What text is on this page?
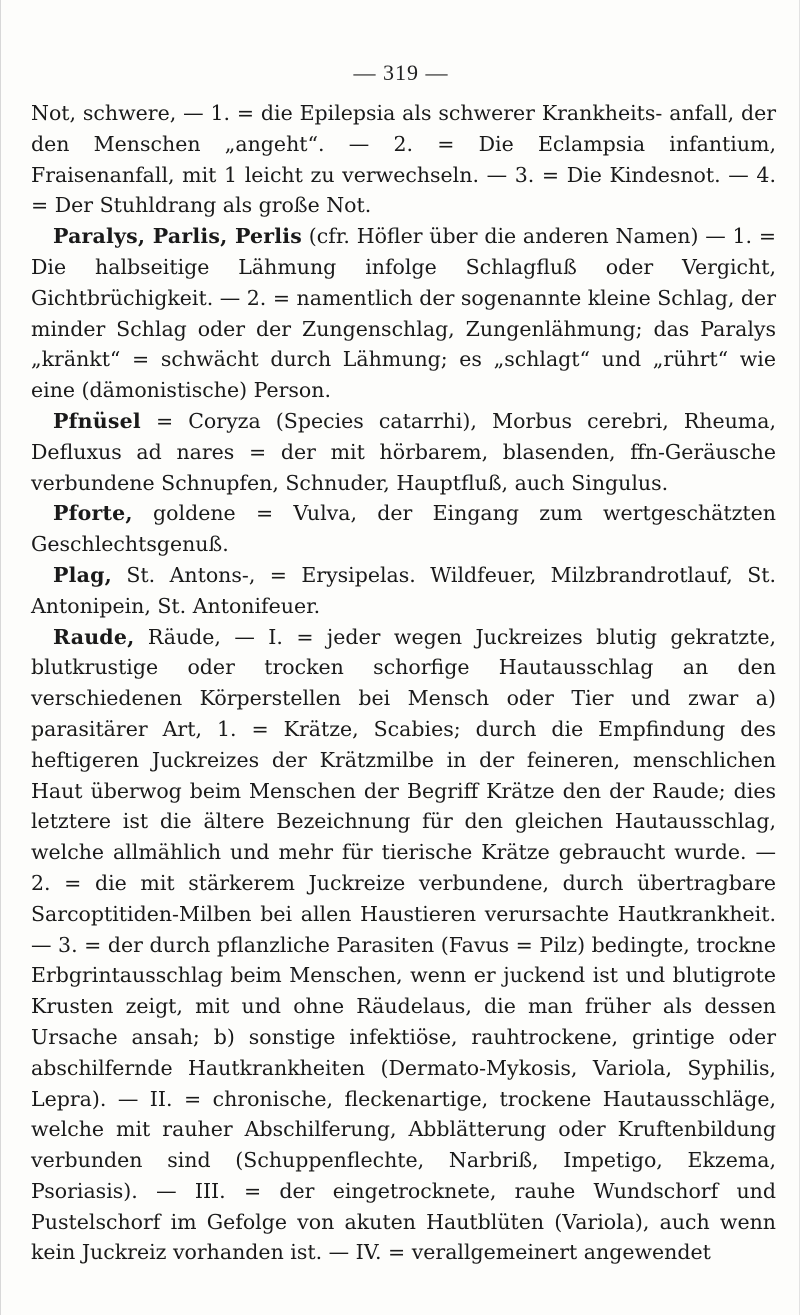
— 319 —

Not, schwere, — 1. = die Epilepsia als schwerer Krankheits- anfall, der den Menschen „angeht“. — 2. = Die Eclampsia infantium, Fraisenanfall, mit 1 leicht zu verwechseln. — 3. = Die Kindesnot. — 4. = Der Stuhldrang als große Not.

Paralys, Parlis, Perlis (cfr. Höfler über die anderen Namen) — 1. = Die halbseitige Lähmung infolge Schlagfluß oder Vergicht, Gichtbrüchigkeit. — 2. = namentlich der sogenannte kleine Schlag, der minder Schlag oder der Zungenschlag, Zungenlähmung; das Paralys „kränkt“ = schwächt durch Lähmung; es „schlagt“ und „rührt“ wie eine (dämonistische) Person.

Pfnüsel = Coryza (Species catarrhi), Morbus cerebri, Rheuma, Defluxus ad nares = der mit hörbarem, blasenden, ffn-Geräusche verbundene Schnupfen, Schnuder, Hauptfluß, auch Singulus.

Pforte, goldene = Vulva, der Eingang zum wertgeschätzten Geschlechtsgenuß.

Plag, St. Antons-, = Erysipelas. Wildfeuer, Milzbrandrotlauf, St. Antonipein, St. Antonifeuer.

Raude, Räude, — I. = jeder wegen Juckreizes blutig gekratzte, blutkrustige oder trocken schorfige Hautausschlag an den verschiedenen Körperstellen bei Mensch oder Tier und zwar a) parasitärer Art, 1. = Krätze, Scabies; durch die Empfindung des heftigeren Juckreizes der Krätzmilbe in der feineren, menschlichen Haut überwog beim Menschen der Begriff Krätze den der Raude; dies letztere ist die ältere Bezeichnung für den gleichen Hautausschlag, welche allmählich und mehr für tierische Krätze gebraucht wurde. — 2. = die mit stärkerem Juckreize verbundene, durch übertragbare Sarcoptitiden-Milben bei allen Haustieren verursachte Hautkrankheit. — 3. = der durch pflanzliche Parasiten (Favus = Pilz) bedingte, trockne Erbgrintausschlag beim Menschen, wenn er juckend ist und blutigrote Krusten zeigt, mit und ohne Räudelaus, die man früher als dessen Ursache ansah; b) sonstige infektiöse, rauhtrockene, grintige oder abschilfernde Hautkrankheiten (Dermato-Mykosis, Variola, Syphilis, Lepra). — II. = chronische, fleckenartige, trockene Hautausschläge, welche mit rauher Abschilferung, Abblätterung oder Kruftenbildung verbunden sind (Schuppenflechte, Narbriß, Impetigo, Ekzema, Psoriasis). — III. = der eingetrocknete, rauhe Wundschorf und Pustelschorf im Gefolge von akuten Hautblüten (Variola), auch wenn kein Juckreiz vorhanden ist. — IV. = verallgemeinert angewendet
